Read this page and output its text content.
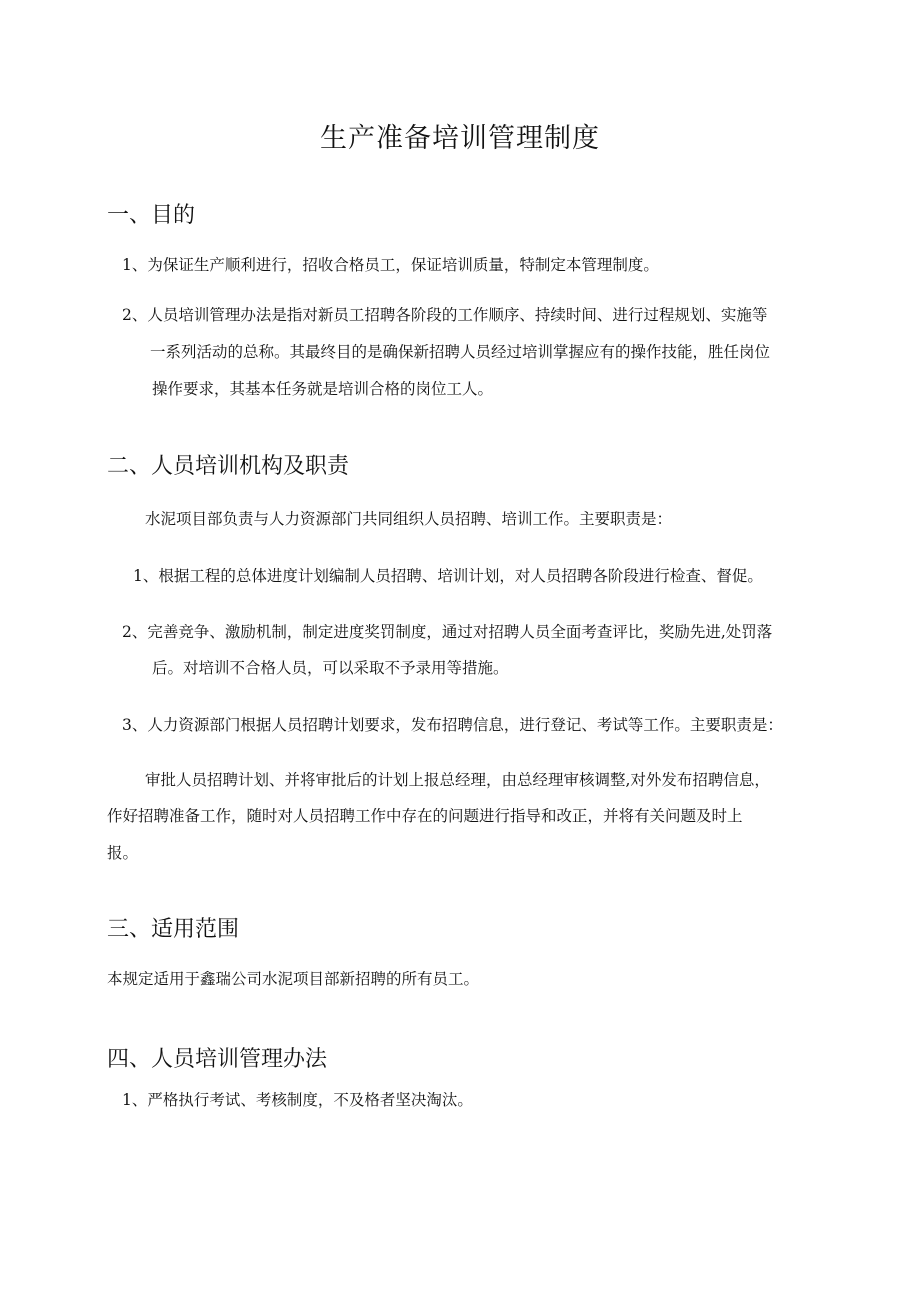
生产准备培训管理制度
一、目的

1、为保证生产顺利进行，招收合格员工，保证培训质量，特制定本管理制度。

2、人员培训管理办法是指对新员工招聘各阶段的工作顺序、持续时间、进行过程规划、实施等

一系列活动的总称。其最终目的是确保新招聘人员经过培训掌握应有的操作技能，胜任岗位

操作要求，其基本任务就是培训合格的岗位工人。

二、人员培训机构及职责

水泥项目部负责与人力资源部门共同组织人员招聘、培训工作。主要职责是：

1、根据工程的总体进度计划编制人员招聘、培训计划，对人员招聘各阶段进行检查、督促。

2、完善竞争、激励机制，制定进度奖罚制度，通过对招聘人员全面考查评比，奖励先进,处罚落

后。对培训不合格人员，可以采取不予录用等措施。

3、人力资源部门根据人员招聘计划要求，发布招聘信息，进行登记、考试等工作。主要职责是：

审批人员招聘计划、并将审批后的计划上报总经理，由总经理审核调整,对外发布招聘信息，

作好招聘准备工作，随时对人员招聘工作中存在的问题进行指导和改正，并将有关问题及时上

报。

三、适用范围

本规定适用于鑫瑞公司水泥项目部新招聘的所有员工。

四、人员培训管理办法

1、严格执行考试、考核制度，不及格者坚决淘汰。
